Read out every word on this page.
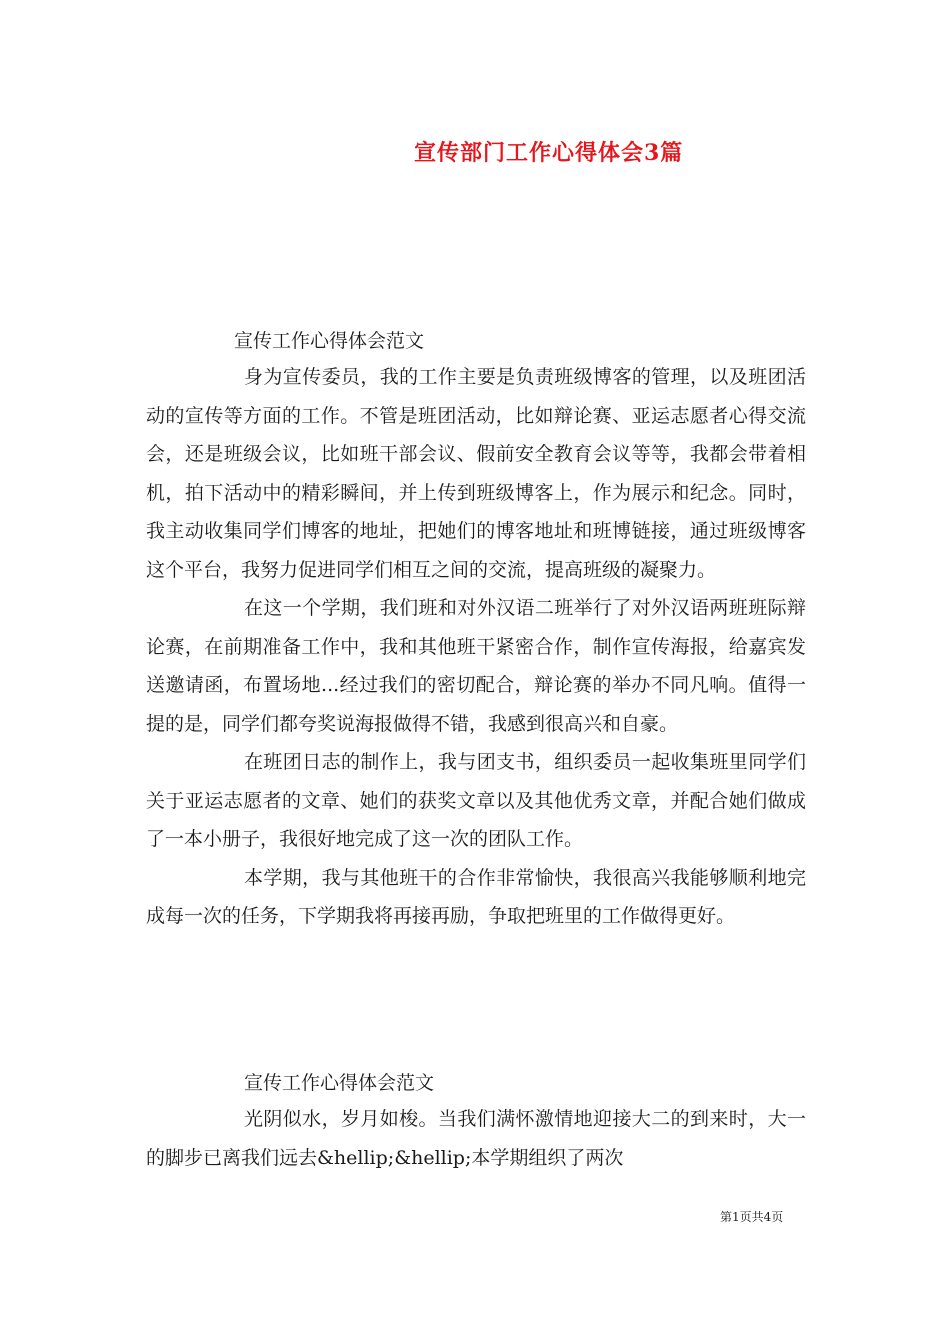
宣传部门工作心得体会3篇
宣传工作心得体会范文

身为宣传委员，我的工作主要是负责班级博客的管理，以及班团活动的宣传等方面的工作。不管是班团活动，比如辩论赛、亚运志愿者心得交流会，还是班级会议，比如班干部会议、假前安全教育会议等等，我都会带着相机，拍下活动中的精彩瞬间，并上传到班级博客上，作为展示和纪念。同时，我主动收集同学们博客的地址，把她们的博客地址和班博链接，通过班级博客这个平台，我努力促进同学们相互之间的交流，提高班级的凝聚力。

在这一个学期，我们班和对外汉语二班举行了对外汉语两班班际辩论赛，在前期准备工作中，我和其他班干紧密合作，制作宣传海报，给嘉宾发送邀请函，布置场地...经过我们的密切配合，辩论赛的举办不同凡响。值得一提的是，同学们都夸奖说海报做得不错，我感到很高兴和自豪。

在班团日志的制作上，我与团支书，组织委员一起收集班里同学们关于亚运志愿者的文章、她们的获奖文章以及其他优秀文章，并配合她们做成了一本小册子，我很好地完成了这一次的团队工作。

本学期，我与其他班干的合作非常愉快，我很高兴我能够顺利地完成每一次的任务，下学期我将再接再励，争取把班里的工作做得更好。

宣传工作心得体会范文

光阴似水，岁月如梭。当我们满怀激情地迎接大二的到来时，大一的脚步已离我们远去&hellip;&hellip;本学期组织了两次

第1页共4页
